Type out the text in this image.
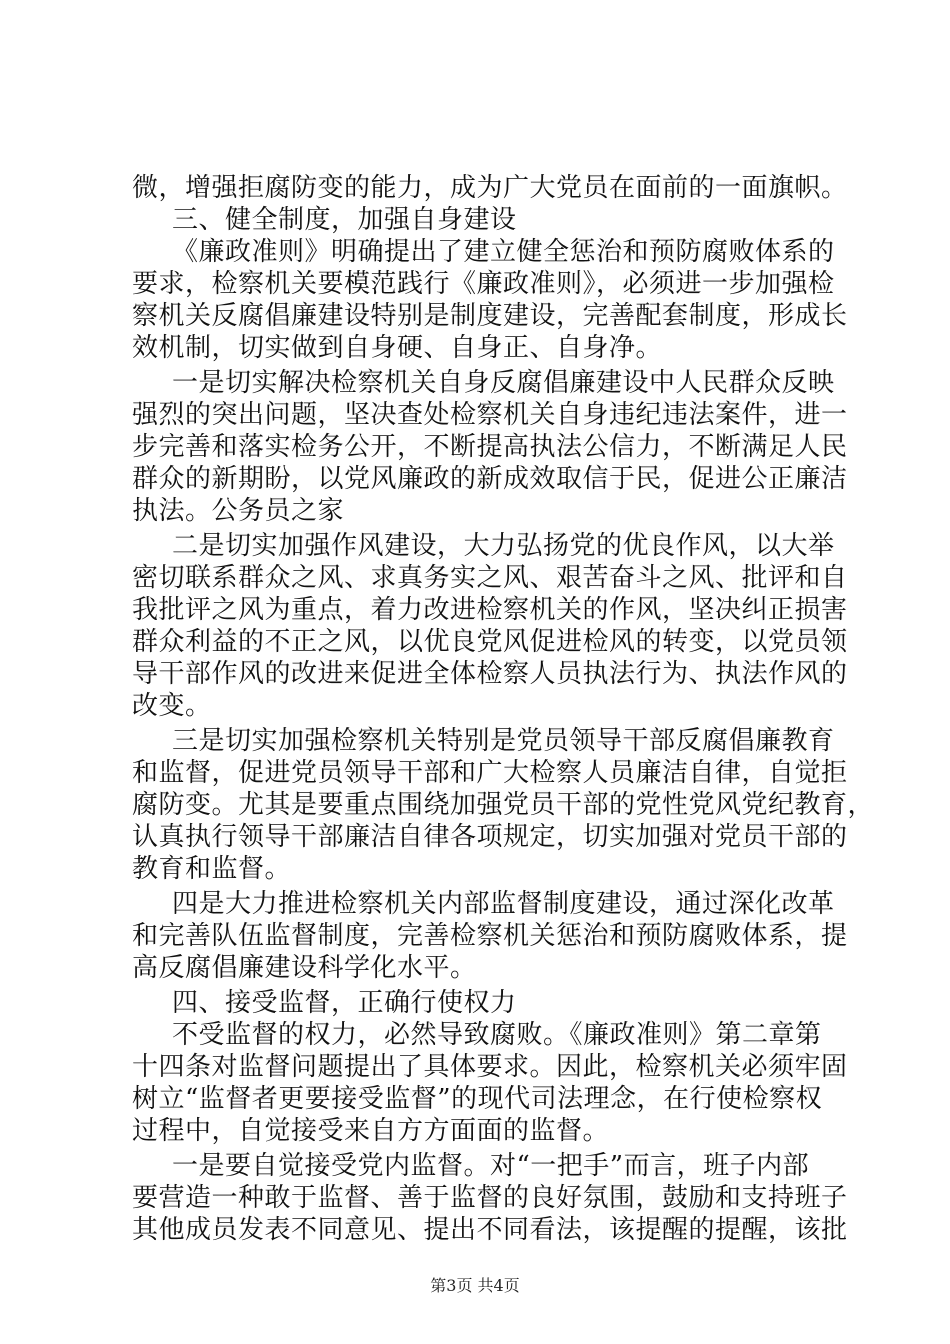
微，增强拒腐防变的能力，成为广大党员在面前的一面旗帜。
三、健全制度，加强自身建设
《廉政准则》明确提出了建立健全惩治和预防腐败体系的
要求，检察机关要模范践行《廉政准则》，必须进一步加强检
察机关反腐倡廉建设特别是制度建设，完善配套制度，形成长
效机制，切实做到自身硬、自身正、自身净。
一是切实解决检察机关自身反腐倡廉建设中人民群众反映
强烈的突出问题，坚决查处检察机关自身违纪违法案件，进一
步完善和落实检务公开，不断提高执法公信力，不断满足人民
群众的新期盼，以党风廉政的新成效取信于民，促进公正廉洁
执法。公务员之家
二是切实加强作风建设，大力弘扬党的优良作风，以大举
密切联系群众之风、求真务实之风、艰苦奋斗之风、批评和自
我批评之风为重点，着力改进检察机关的作风，坚决纠正损害
群众利益的不正之风，以优良党风促进检风的转变，以党员领
导干部作风的改进来促进全体检察人员执法行为、执法作风的
改变。
三是切实加强检察机关特别是党员领导干部反腐倡廉教育
和监督，促进党员领导干部和广大检察人员廉洁自律，自觉拒
腐防变。尤其是要重点围绕加强党员干部的党性党风党纪教育，
认真执行领导干部廉洁自律各项规定，切实加强对党员干部的
教育和监督。
四是大力推进检察机关内部监督制度建设，通过深化改革
和完善队伍监督制度，完善检察机关惩治和预防腐败体系，提
高反腐倡廉建设科学化水平。
四、接受监督，正确行使权力
不受监督的权力，必然导致腐败。《廉政准则》第二章第
十四条对监督问题提出了具体要求。因此，检察机关必须牢固
树立“监督者更要接受监督”的现代司法理念，在行使检察权
过程中，自觉接受来自方方面面的监督。
一是要自觉接受党内监督。对“一把手”而言，班子内部
要营造一种敢于监督、善于监督的良好氛围，鼓励和支持班子
其他成员发表不同意见、提出不同看法，该提醒的提醒，该批
第3页 共4页
